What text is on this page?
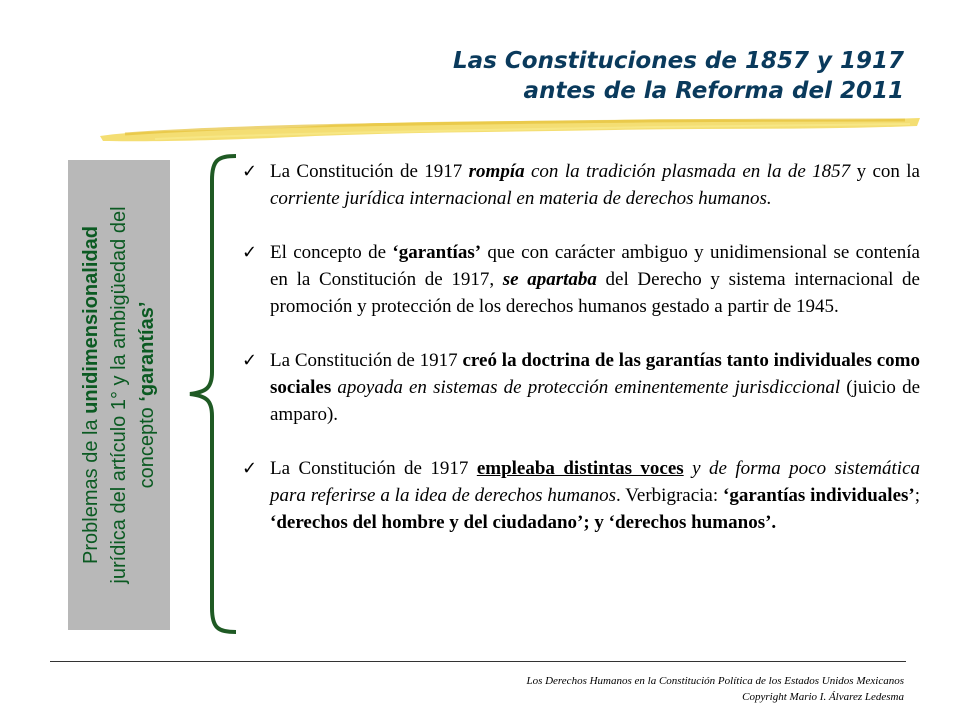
Las Constituciones de 1857 y 1917
antes de la Reforma del 2011
Problemas de la unidimensionalidad jurídica del artículo 1° y la ambigüedad del concepto ‘garantías’
✓ La Constitución de 1917 rompía con la tradición plasmada en la de 1857 y con la corriente jurídica internacional en materia de derechos humanos.
✓ El concepto de ‘garantías’ que con carácter ambiguo y unidimensional se contenía en la Constitución de 1917, se apartaba del Derecho y sistema internacional de promoción y protección de los derechos humanos gestado a partir de 1945.
✓ La Constitución de 1917 creó la doctrina de las garantías tanto individuales como sociales apoyada en sistemas de protección eminentemente jurisdiccional (juicio de amparo).
✓ La Constitución de 1917 empleaba distintas voces y de forma poco sistemática para referirse a la idea de derechos humanos. Verbigracia: ‘garantías individuales’; ‘derechos del hombre y del ciudadano’; y ‘derechos humanos’.
Los Derechos Humanos en la Constitución Política de los Estados Unidos Mexicanos
Copyright Mario I. Álvarez Ledesma
